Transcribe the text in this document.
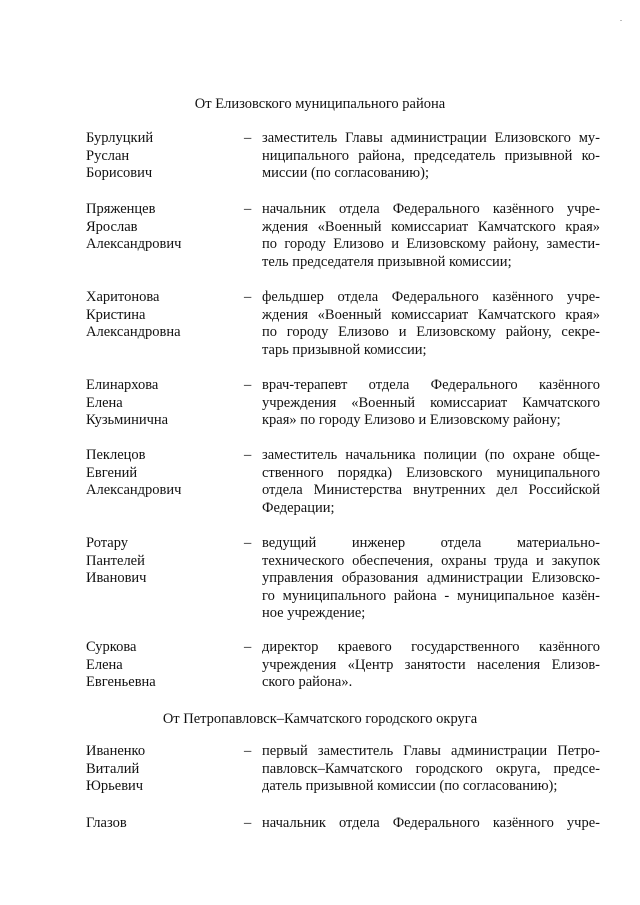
.
От Елизовского муниципального района
Бурлуцкий
Руслан
Борисович
– заместитель Главы администрации Елизовского му-
ниципального района, председатель призывной ко-
миссии (по согласованию);
Пряженцев
Ярослав
Александрович
– начальник отдела Федерального казённого учре-
ждения «Военный комиссариат Камчатского края»
по городу Елизово и Елизовскому району, замести-
тель председателя призывной комиссии;
Харитонова
Кристина
Александровна
– фельдшер отдела Федерального казённого учре-
ждения «Военный комиссариат Камчатского края»
по городу Елизово и Елизовскому району, секре-
тарь призывной комиссии;
Елинархова
Елена
Кузьминична
– врач-терапевт отдела Федерального казённого
учреждения «Военный комиссариат Камчатского
края» по городу Елизово и Елизовскому району;
Пеклецов
Евгений
Александрович
– заместитель начальника полиции (по охране обще-
ственного порядка) Елизовского муниципального
отдела Министерства внутренних дел Российской
Федерации;
Ротару
Пантелей
Иванович
– ведущий инженер отдела материально-
технического обеспечения, охраны труда и закупок
управления образования администрации Елизовско-
го муниципального района - муниципальное казён-
ное учреждение;
Суркова
Елена
Евгеньевна
– директор краевого государственного казённого
учреждения «Центр занятости населения Елизов-
ского района».
От Петропавловск–Камчатского городского округа
Иваненко
Виталий
Юрьевич
– первый заместитель Главы администрации Петро-
павловск–Камчатского городского округа, предсе-
датель призывной комиссии (по согласованию);
Глазов	– начальник отдела Федерального казённого учре-
